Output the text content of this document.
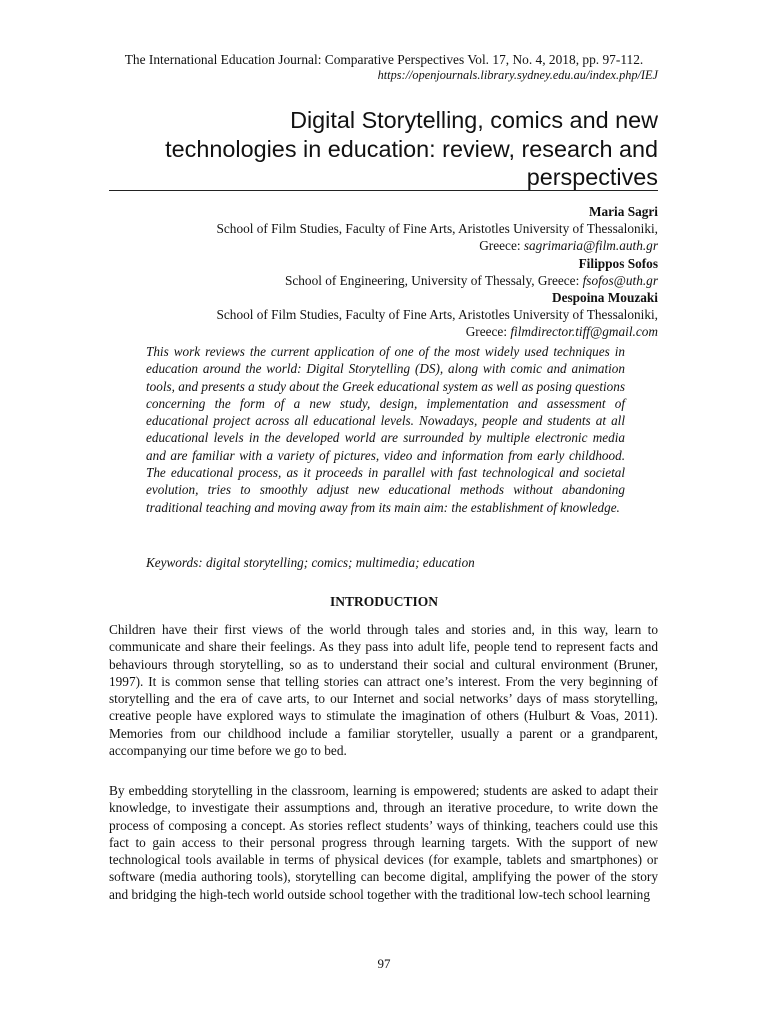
The International Education Journal: Comparative Perspectives Vol. 17, No. 4, 2018, pp. 97-112.
https://openjournals.library.sydney.edu.au/index.php/IEJ
Digital Storytelling, comics and new
technologies in education: review, research and
perspectives
Maria Sagri
School of Film Studies, Faculty of Fine Arts, Aristotles University of Thessaloniki,
Greece: sagrimaria@film.auth.gr
Filippos Sofos
School of Engineering, University of Thessaly, Greece: fsofos@uth.gr
Despoina Mouzaki
School of Film Studies, Faculty of Fine Arts, Aristotles University of Thessaloniki,
Greece: filmdirector.tiff@gmail.com

This work reviews the current application of one of the most widely used techniques in education around the world: Digital Storytelling (DS), along with comic and animation tools, and presents a study about the Greek educational system as well as posing questions concerning the form of a new study, design, implementation and assessment of educational project across all educational levels. Nowadays, people and students at all educational levels in the developed world are surrounded by multiple electronic media and are familiar with a variety of pictures, video and information from early childhood. The educational process, as it proceeds in parallel with fast technological and societal evolution, tries to smoothly adjust new educational methods without abandoning traditional teaching and moving away from its main aim: the establishment of knowledge.

Keywords: digital storytelling; comics; multimedia; education

INTRODUCTION

Children have their first views of the world through tales and stories and, in this way, learn to communicate and share their feelings. As they pass into adult life, people tend to represent facts and behaviours through storytelling, so as to understand their social and cultural environment (Bruner, 1997). It is common sense that telling stories can attract one’s interest. From the very beginning of storytelling and the era of cave arts, to our Internet and social networks’ days of mass storytelling, creative people have explored ways to stimulate the imagination of others (Hulburt & Voas, 2011). Memories from our childhood include a familiar storyteller, usually a parent or a grandparent, accompanying our time before we go to bed.

By embedding storytelling in the classroom, learning is empowered; students are asked to adapt their knowledge, to investigate their assumptions and, through an iterative procedure, to write down the process of composing a concept. As stories reflect students’ ways of thinking, teachers could use this fact to gain access to their personal progress through learning targets. With the support of new technological tools available in terms of physical devices (for example, tablets and smartphones) or software (media authoring tools), storytelling can become digital, amplifying the power of the story and bridging the high-tech world outside school together with the traditional low-tech school learning

97
